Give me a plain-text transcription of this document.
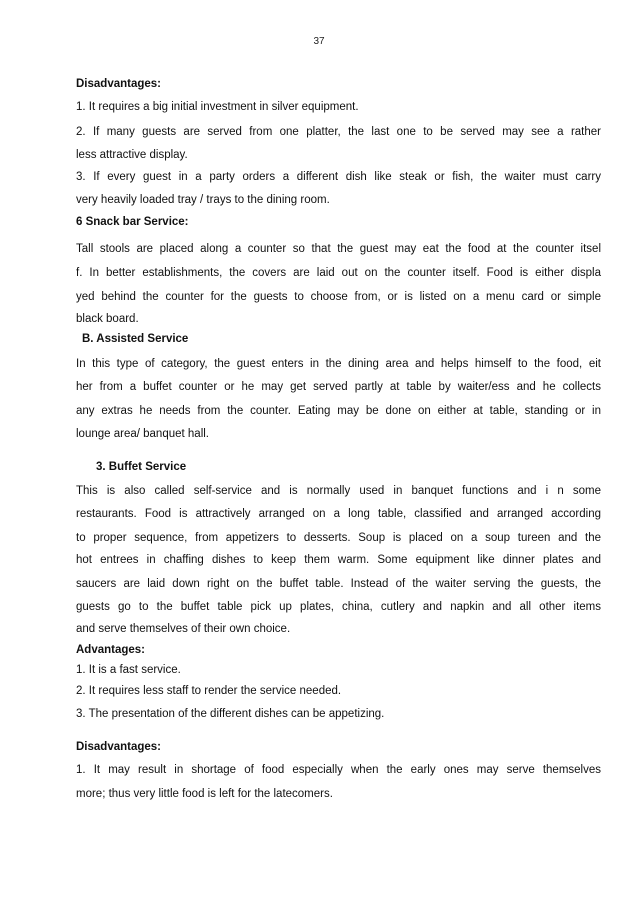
37
Disadvantages:
1. It requires a big initial investment in silver equipment.
2. If many guests are served from one platter, the last one to be served may see a rather
less attractive display.
3. If every guest in a party orders a different dish like steak or fish, the waiter must carry
very heavily loaded tray / trays to the dining room.
6 Snack bar Service:
Tall stools are placed along a counter so that the guest may eat the food at the counter itsel
f. In better establishments, the covers are laid out on the counter itself. Food is either displa
yed behind the counter for the guests to choose from, or is listed on a menu card or simple
black board.
B. Assisted Service
In this type of category, the guest enters in the dining area and helps himself to the food, eit
her from a buffet counter or he may get served partly at table by waiter/ess and he collects
any extras he needs from the counter. Eating may be done on either at table, standing or in
lounge area/ banquet hall.
3. Buffet Service
This is also called self-service and is normally used in banquet functions and i n some
restaurants. Food is attractively arranged on a long table, classified and arranged according
to proper sequence, from appetizers to desserts. Soup is placed on a soup tureen and the
hot entrees in chaffing dishes to keep them warm. Some equipment like dinner plates and
saucers are laid down right on the buffet table. Instead of the waiter serving the guests, the
guests go to the buffet table pick up plates, china, cutlery and napkin and all other items
and serve themselves of their own choice.
Advantages:
1. It is a fast service.
2. It requires less staff to render the service needed.
3. The presentation of the different dishes can be appetizing.
Disadvantages:
1. It may result in shortage of food especially when the early ones may serve themselves
more; thus very little food is left for the latecomers.
